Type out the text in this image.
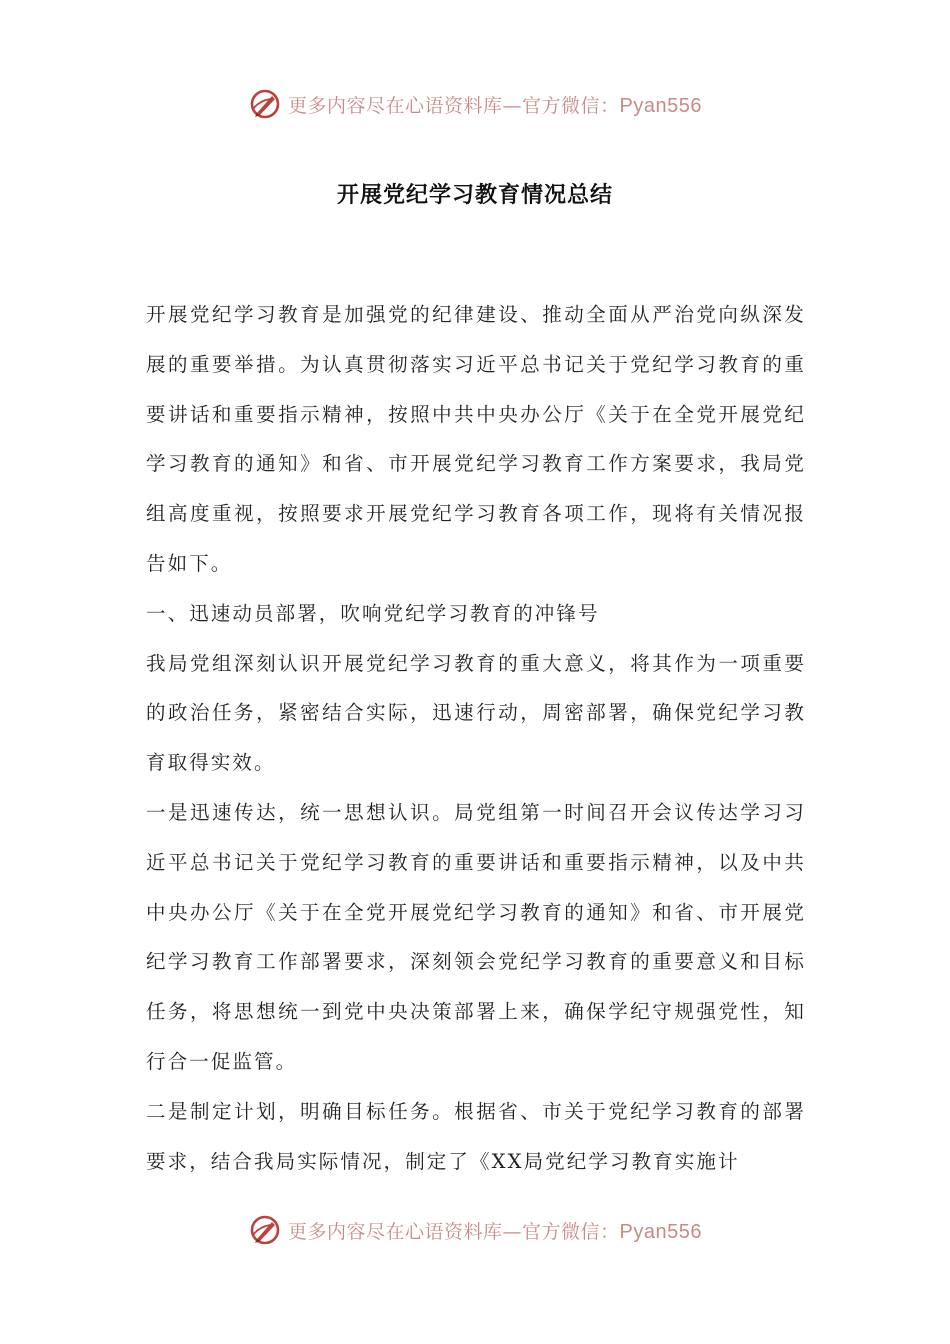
更多内容尽在心语资料库—官方微信：Pyan556
开展党纪学习教育情况总结

开展党纪学习教育是加强党的纪律建设、推动全面从严治党向纵深发展的重要举措。为认真贯彻落实习近平总书记关于党纪学习教育的重要讲话和重要指示精神，按照中共中央办公厅《关于在全党开展党纪学习教育的通知》和省、市开展党纪学习教育工作方案要求，我局党组高度重视，按照要求开展党纪学习教育各项工作，现将有关情况报告如下。

一、迅速动员部署，吹响党纪学习教育的冲锋号

我局党组深刻认识开展党纪学习教育的重大意义，将其作为一项重要的政治任务，紧密结合实际，迅速行动，周密部署，确保党纪学习教育取得实效。

一是迅速传达，统一思想认识。局党组第一时间召开会议传达学习习近平总书记关于党纪学习教育的重要讲话和重要指示精神，以及中共中央办公厅《关于在全党开展党纪学习教育的通知》和省、市开展党纪学习教育工作部署要求，深刻领会党纪学习教育的重要意义和目标任务，将思想统一到党中央决策部署上来，确保学纪守规强党性，知行合一促监管。

二是制定计划，明确目标任务。根据省、市关于党纪学习教育的部署要求，结合我局实际情况，制定了《XX局党纪学习教育实施计

更多内容尽在心语资料库—官方微信：Pyan556
